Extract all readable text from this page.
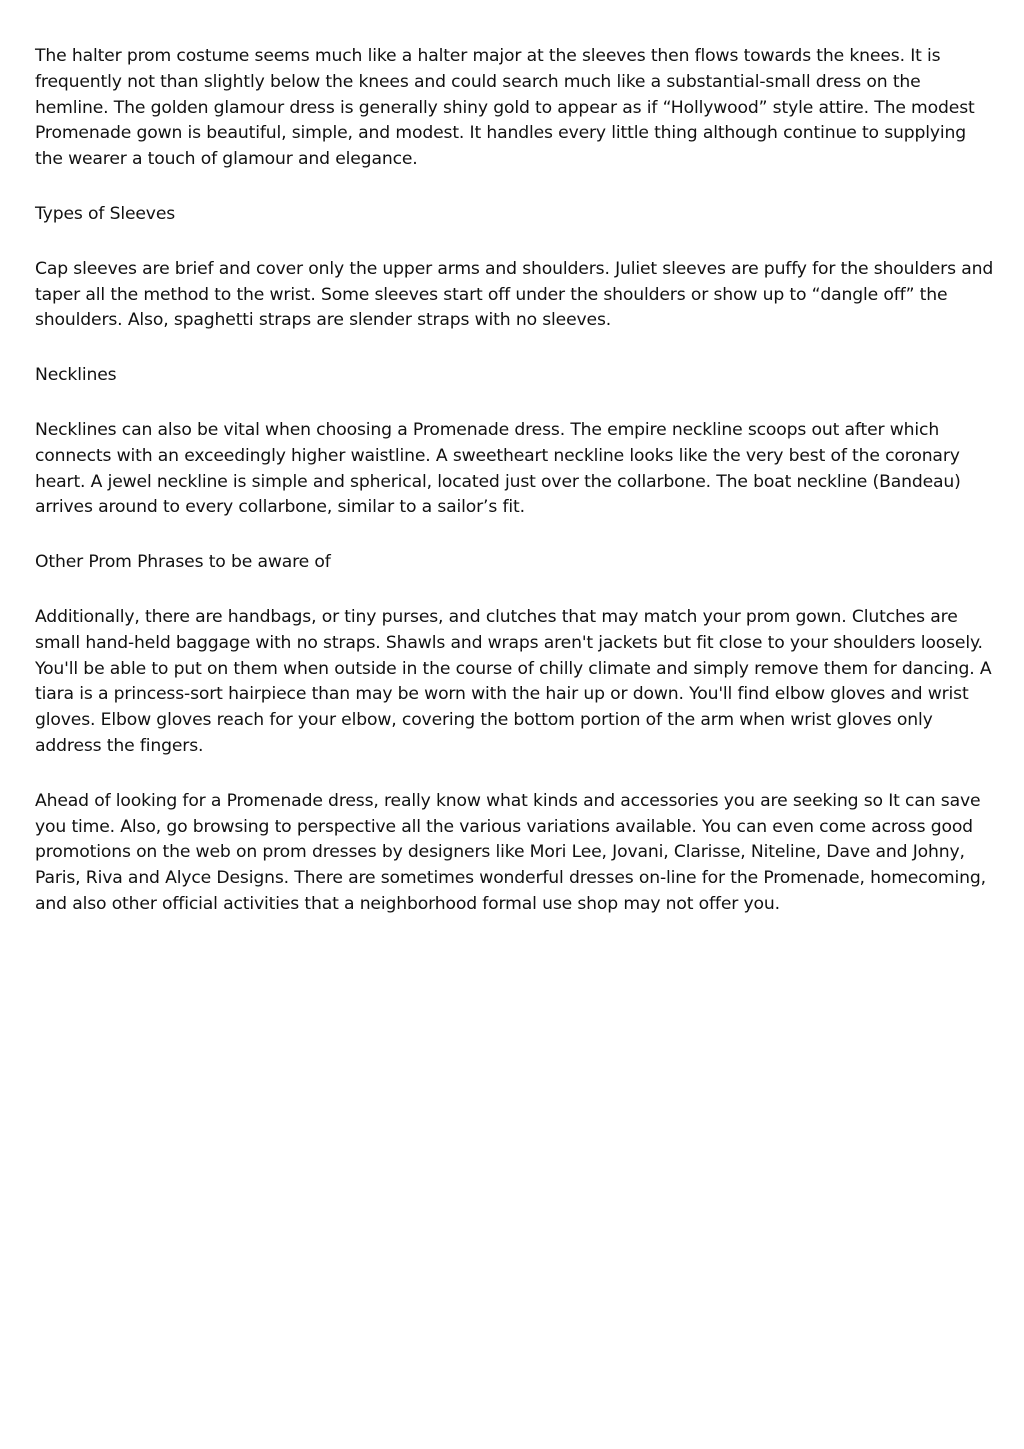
The halter prom costume seems much like a halter major at the sleeves then flows towards the knees. It is frequently not than slightly below the knees and could search much like a substantial-small dress on the hemline. The golden glamour dress is generally shiny gold to appear as if “Hollywood” style attire. The modest Promenade gown is beautiful, simple, and modest. It handles every little thing although continue to supplying the wearer a touch of glamour and elegance.

Types of Sleeves

Cap sleeves are brief and cover only the upper arms and shoulders. Juliet sleeves are puffy for the shoulders and taper all the method to the wrist. Some sleeves start off under the shoulders or show up to “dangle off” the shoulders. Also, spaghetti straps are slender straps with no sleeves.

Necklines

Necklines can also be vital when choosing a Promenade dress. The empire neckline scoops out after which connects with an exceedingly higher waistline. A sweetheart neckline looks like the very best of the coronary heart. A jewel neckline is simple and spherical, located just over the collarbone. The boat neckline (Bandeau) arrives around to every collarbone, similar to a sailor’s fit.

Other Prom Phrases to be aware of

Additionally, there are handbags, or tiny purses, and clutches that may match your prom gown. Clutches are small hand-held baggage with no straps. Shawls and wraps aren't jackets but fit close to your shoulders loosely. You'll be able to put on them when outside in the course of chilly climate and simply remove them for dancing. A tiara is a princess-sort hairpiece than may be worn with the hair up or down. You'll find elbow gloves and wrist gloves. Elbow gloves reach for your elbow, covering the bottom portion of the arm when wrist gloves only address the fingers.

Ahead of looking for a Promenade dress, really know what kinds and accessories you are seeking so It can save you time. Also, go browsing to perspective all the various variations available. You can even come across good promotions on the web on prom dresses by designers like Mori Lee, Jovani, Clarisse, Niteline, Dave and Johny, Paris, Riva and Alyce Designs. There are sometimes wonderful dresses on-line for the Promenade, homecoming, and also other official activities that a neighborhood formal use shop may not offer you.
